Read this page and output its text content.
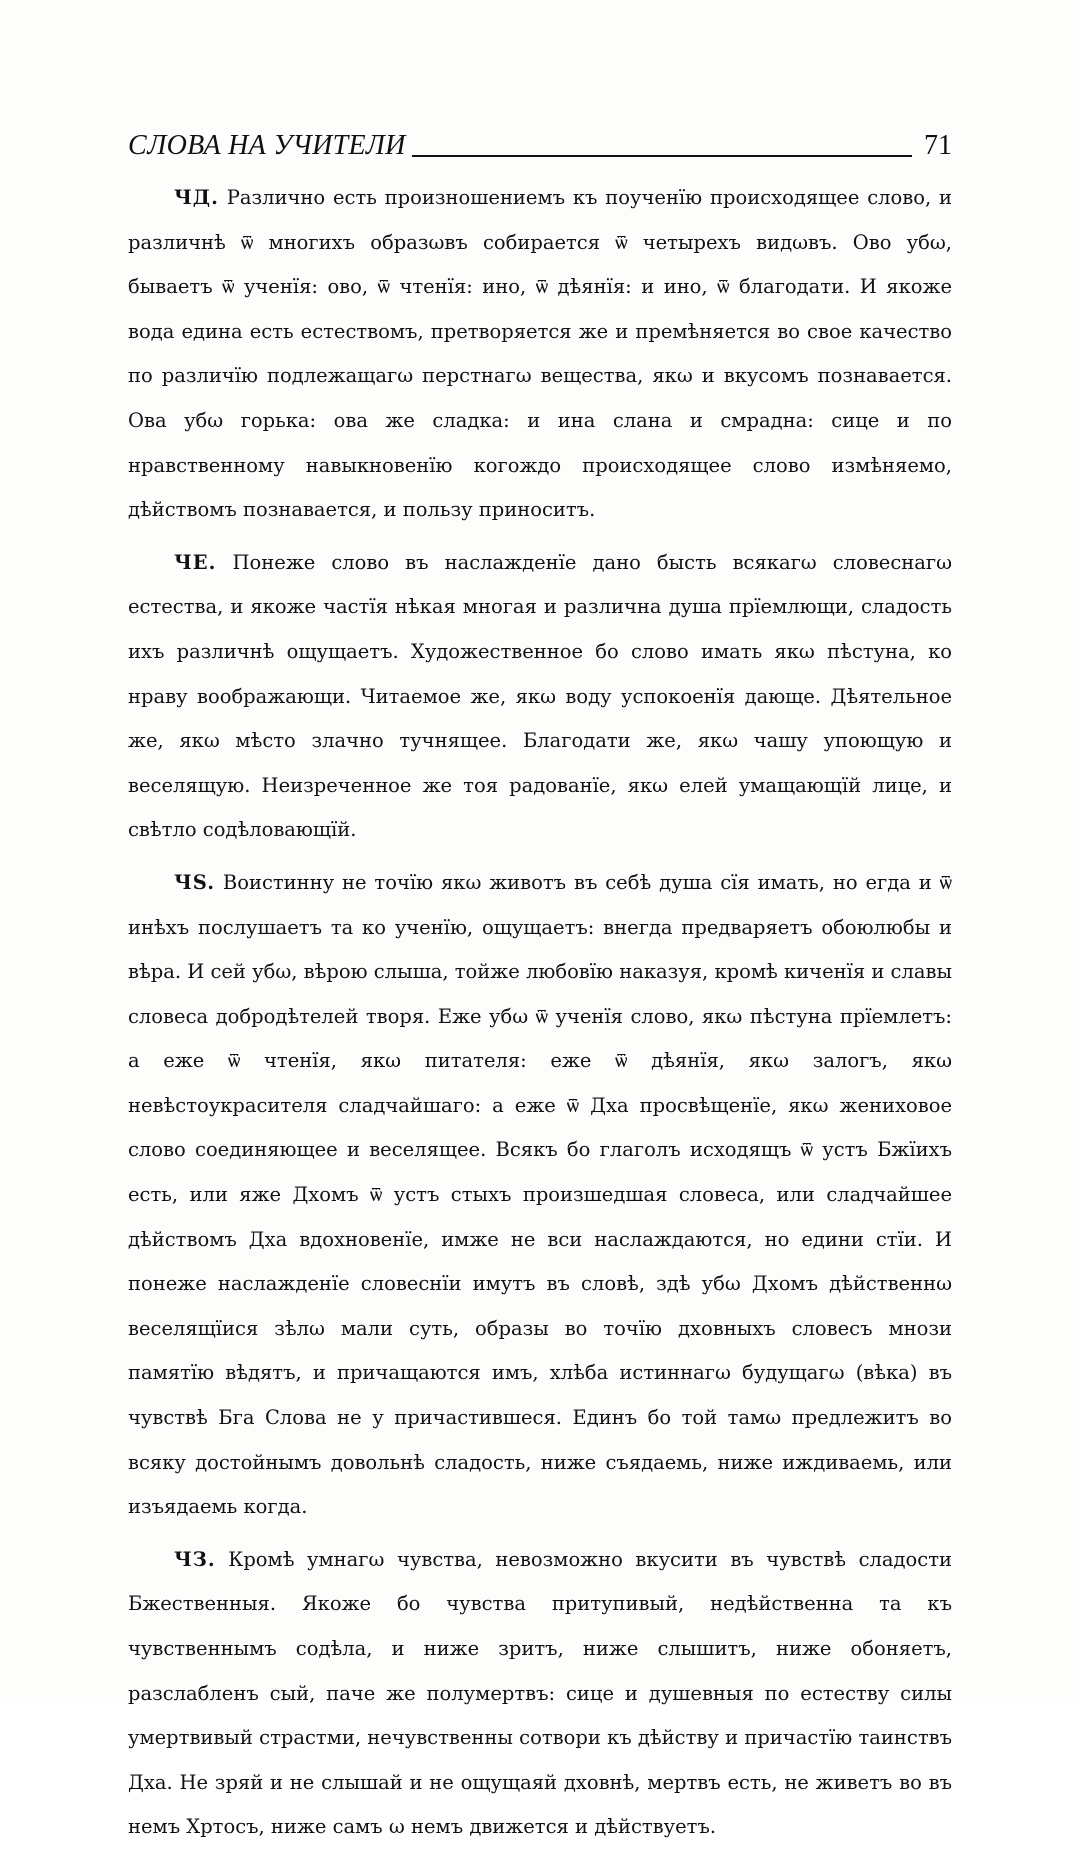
СЛОВА НА УЧИТЕЛИ	71

ЧД. Различно есть произношениемъ къ поученїю происходящее слово, и различнѣ ѿ многихъ образωвъ собирается ѿ четырехъ видωвъ. Ово убω, бываетъ ѿ ученїя: ово, ѿ чтенїя: ино, ѿ дѣянїя: и ино, ѿ благодати. И якоже вода едина есть естествомъ, претворяется же и премѣняется во свое качество по различїю подлежащагω перстнагω вещества, якω и вкусомъ познавается. Ова убω горька: ова же сладка: и ина слана и смрадна: сице и по нравственному навыкновенїю когождо происходящее слово измѣняемо, дѣйствомъ познавается, и пользу приноситъ.

ЧЕ. Понеже слово въ наслажденїе дано бысть всякагω словеснагω естества, и якоже частїя нѣкая многая и различна душа прїемлющи, сладость ихъ различнѣ ощущаетъ. Художественное бо слово имать якω пѣстуна, ко нраву воображающи. Читаемое же, якω воду успокоенїя дающе. Дѣятельное же, якω мѣсто злачно тучнящее. Благодати же, якω чашу упоющую и веселящую. Неизреченное же тоя радованїе, якω елей умащающїй лице, и свѣтло содѣловающїй.

ЧS. Воистинну не точїю якω животъ въ себѣ душа сїя имать, но егда и ѿ инѣхъ послушаетъ та ко ученїю, ощущаетъ: внегда предваряетъ обоюлюбы и вѣра. И сей убω, вѣрою слыша, тойже любовїю наказуя, кромѣ киченїя и славы словеса добродѣтелей творя. Еже убω ѿ ученїя слово, якω пѣстуна прїемлетъ: а еже ѿ чтенїя, якω питателя: еже ѿ дѣянїя, якω залогъ, якω невѣстоукрасителя сладчайшаго: а еже ѿ Дха просвѣщенїе, якω жениховое слово соединяющее и веселящее. Всякъ бо глаголъ исходящъ ѿ устъ Бжїихъ есть, или яже Дхомъ ѿ устъ стыхъ произшедшая словеса, или сладчайшее дѣйствомъ Дха вдохновенїе, имже не вси наслаждаются, но едини стїи. И понеже наслажденїе словеснїи имутъ въ словѣ, здѣ убω Дхомъ дѣйственнω веселящїися зѣлω мали суть, образы во точїю дховныхъ словесъ мнози памятїю вѣдятъ, и причащаются имъ, хлѣба истиннагω будущагω (вѣка) въ чувствѣ Бга Слова не у причастившеся. Единъ бо той тамω предлежитъ во всяку достойнымъ довольнѣ сладость, ниже съядаемь, ниже иждиваемь, или изъядаемь когда.

ЧЗ. Кромѣ умнагω чувства, невозможно вкусити въ чувствѣ сладости Бжественныя. Якоже бо чувства притупивый, недѣйственна та къ чувственнымъ содѣла, и ниже зритъ, ниже слышитъ, ниже обоняетъ, разслабленъ сый, паче же полумертвъ: сице и душевныя по естеству силы умертвивый страстми, нечувственны сотвори къ дѣйству и причастїю таинствъ Дха. Не зряй и не слышай и не ощущаяй дховнѣ, мертвъ есть, не живетъ во въ немъ Хртосъ, ниже самъ ω немъ движется и дѣйствуетъ.
